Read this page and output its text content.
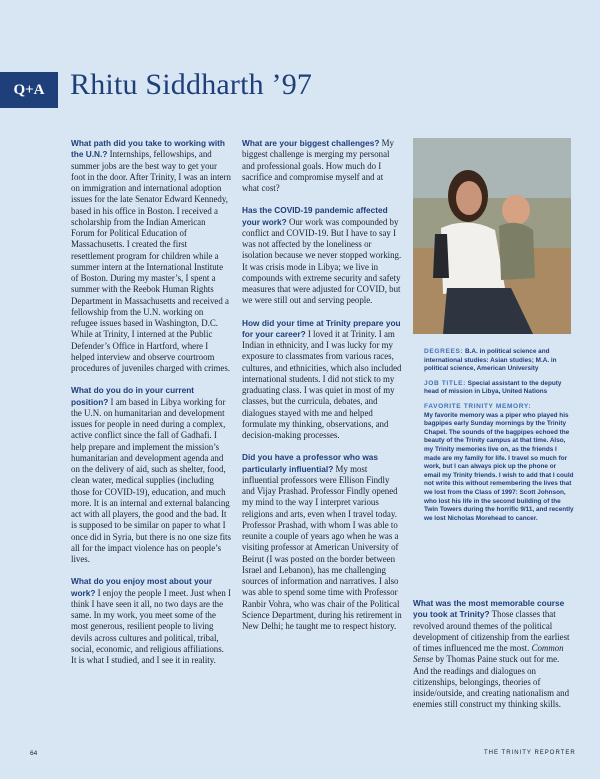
Q+A Rhitu Siddharth ’97

What path did you take to working with the U.N.? Internships, fellowships, and summer jobs are the best way to get your foot in the door. After Trinity, I was an intern on immigration and international adoption issues for the late Senator Edward Kennedy, based in his office in Boston. I received a scholarship from the Indian American Forum for Political Education of Massachusetts. I created the first resettlement program for children while a summer intern at the International Institute of Boston. During my master’s, I spent a summer with the Reebok Human Rights Department in Massachusetts and received a fellowship from the U.N. working on refugee issues based in Washington, D.C. While at Trinity, I interned at the Public Defender’s Office in Hartford, where I helped interview and observe courtroom procedures of juveniles charged with crimes.

What do you do in your current position? I am based in Libya working for the U.N. on humanitarian and development issues for people in need during a complex, active conflict since the fall of Gadhafi. I help prepare and implement the mission’s humanitarian and development agenda and on the delivery of aid, such as shelter, food, clean water, medical supplies (including those for COVID-19), education, and much more. It is an internal and external balancing act with all players, the good and the bad. It is supposed to be similar on paper to what I once did in Syria, but there is no one size fits all for the impact violence has on people’s lives.

What do you enjoy most about your work? I enjoy the people I meet. Just when I think I have seen it all, no two days are the same. In my work, you meet some of the most generous, resilient people to living devils across cultures and political, tribal, social, economic, and religious affiliations. It is what I studied, and I see it in reality.

What are your biggest challenges? My biggest challenge is merging my personal and professional goals. How much do I sacrifice and compromise myself and at what cost?

Has the COVID-19 pandemic affected your work? Our work was compounded by conflict and COVID-19. But I have to say I was not affected by the loneliness or isolation because we never stopped working. It was crisis mode in Libya; we live in compounds with extreme security and safety measures that were adjusted for COVID, but we were still out and serving people.

How did your time at Trinity prepare you for your career? I loved it at Trinity. I am Indian in ethnicity, and I was lucky for my exposure to classmates from various races, cultures, and ethnicities, which also included international students. I did not stick to my graduating class. I was quiet in most of my classes, but the curricula, debates, and dialogues stayed with me and helped formulate my thinking, observations, and decision-making processes.

Did you have a professor who was particularly influential? My most influential professors were Ellison Findly and Vijay Prashad. Professor Findly opened my mind to the way I interpret various religions and arts, even when I travel today. Professor Prashad, with whom I was able to reunite a couple of years ago when he was a visiting professor at American University of Beirut (I was posted on the border between Israel and Lebanon), has me challenging sources of information and narratives. I also was able to spend some time with Professor Ranbir Vohra, who was chair of the Political Science Department, during his retirement in New Delhi; he taught me to respect history.

DEGREES: B.A. in political science and international studies: Asian studies; M.A. in political science, American University
JOB TITLE: Special assistant to the deputy head of mission in Libya, United Nations
FAVORITE TRINITY MEMORY:
My favorite memory was a piper who played his bagpipes early Sunday mornings by the Trinity Chapel. The sounds of the bagpipes echoed the beauty of the Trinity campus at that time. Also, my Trinity memories live on, as the friends I made are my family for life. I travel so much for work, but I can always pick up the phone or email my Trinity friends. I wish to add that I could not write this without remembering the lives that we lost from the Class of 1997: Scott Johnson, who lost his life in the second building of the Twin Towers during the horrific 9/11, and recently we lost Nicholas Morehead to cancer.

What was the most memorable course you took at Trinity? Those classes that revolved around themes of the political development of citizenship from the earliest of times influenced me the most. Common Sense by Thomas Paine stuck out for me. And the readings and dialogues on citizenships, belongings, theories of inside/outside, and creating nationalism and enemies still construct my thinking skills.

64	THE TRINITY REPORTER
